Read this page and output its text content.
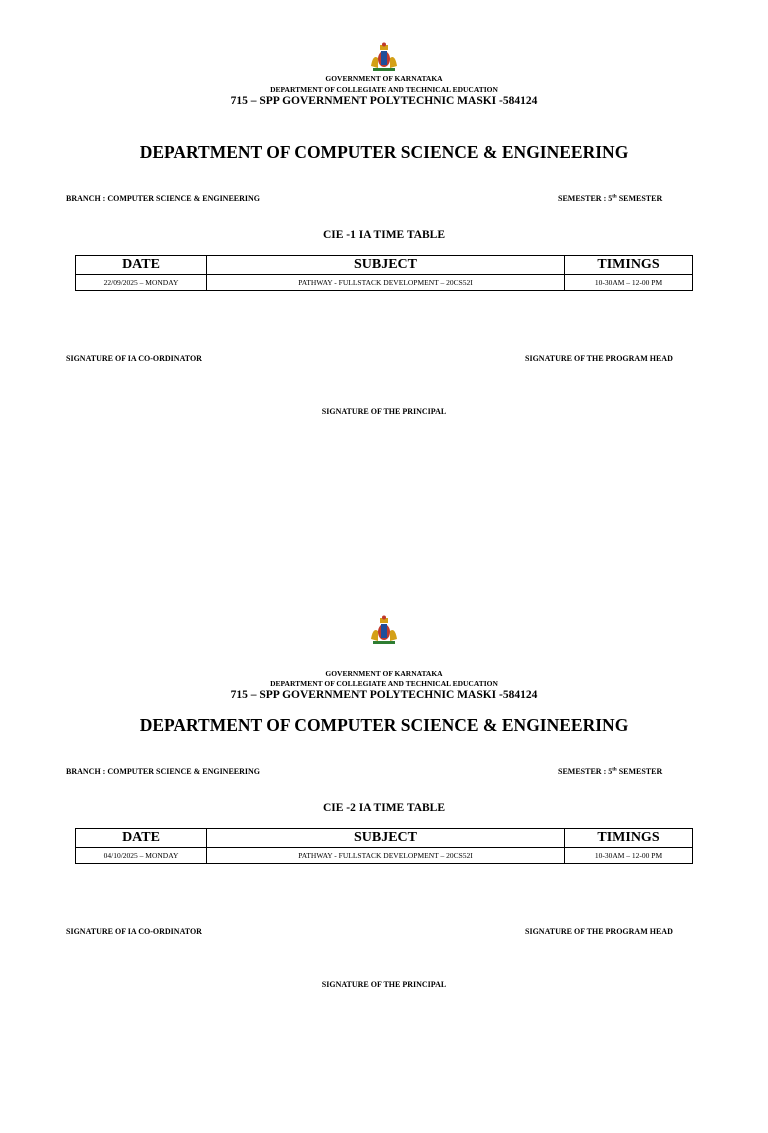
GOVERNMENT OF KARNATAKA
DEPARTMENT OF COLLEGIATE AND TECHNICAL EDUCATION
715 – SPP GOVERNMENT POLYTECHNIC MASKI -584124
DEPARTMENT OF COMPUTER SCIENCE & ENGINEERING
BRANCH : COMPUTER SCIENCE & ENGINEERING	SEMESTER : 5th SEMESTER
CIE -1 IA TIME TABLE
DATE	SUBJECT	TIMINGS
22/09/2025 – MONDAY	PATHWAY - FULLSTACK DEVELOPMENT – 20CS52I	10-30AM – 12-00 PM
SIGNATURE OF IA CO-ORDINATOR	SIGNATURE OF THE PROGRAM HEAD
SIGNATURE OF THE PRINCIPAL
GOVERNMENT OF KARNATAKA
DEPARTMENT OF COLLEGIATE AND TECHNICAL EDUCATION
715 – SPP GOVERNMENT POLYTECHNIC MASKI -584124
DEPARTMENT OF COMPUTER SCIENCE & ENGINEERING
BRANCH : COMPUTER SCIENCE & ENGINEERING	SEMESTER : 5th SEMESTER
CIE -2 IA TIME TABLE
DATE	SUBJECT	TIMINGS
04/10/2025 – MONDAY	PATHWAY - FULLSTACK DEVELOPMENT – 20CS52I	10-30AM – 12-00 PM
SIGNATURE OF IA CO-ORDINATOR	SIGNATURE OF THE PROGRAM HEAD
SIGNATURE OF THE PRINCIPAL
